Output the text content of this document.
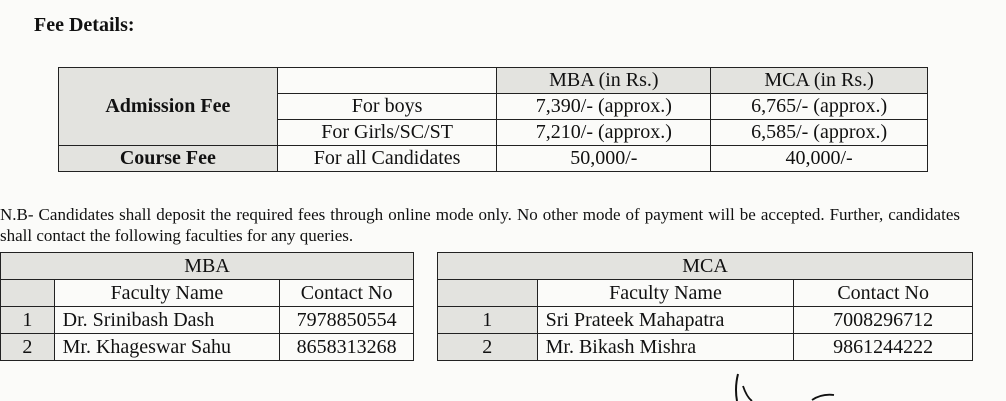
Fee Details:
Admission Fee		MBA (in Rs.)	MCA (in Rs.)
	For boys	7,390/- (approx.)	6,765/- (approx.)
	For Girls/SC/ST	7,210/- (approx.)	6,585/- (approx.)
Course Fee	For all Candidates	50,000/-	40,000/-
N.B- Candidates shall deposit the required fees through online mode only. No other mode of payment will be accepted. Further, candidates shall contact the following faculties for any queries.
MBA		
	Faculty Name	Contact No
1	Dr. Srinibash Dash	7978850554
2	Mr. Khageswar Sahu	8658313268
MCA		
	Faculty Name	Contact No
1	Sri Prateek Mahapatra	7008296712
2	Mr. Bikash Mishra	9861244222
